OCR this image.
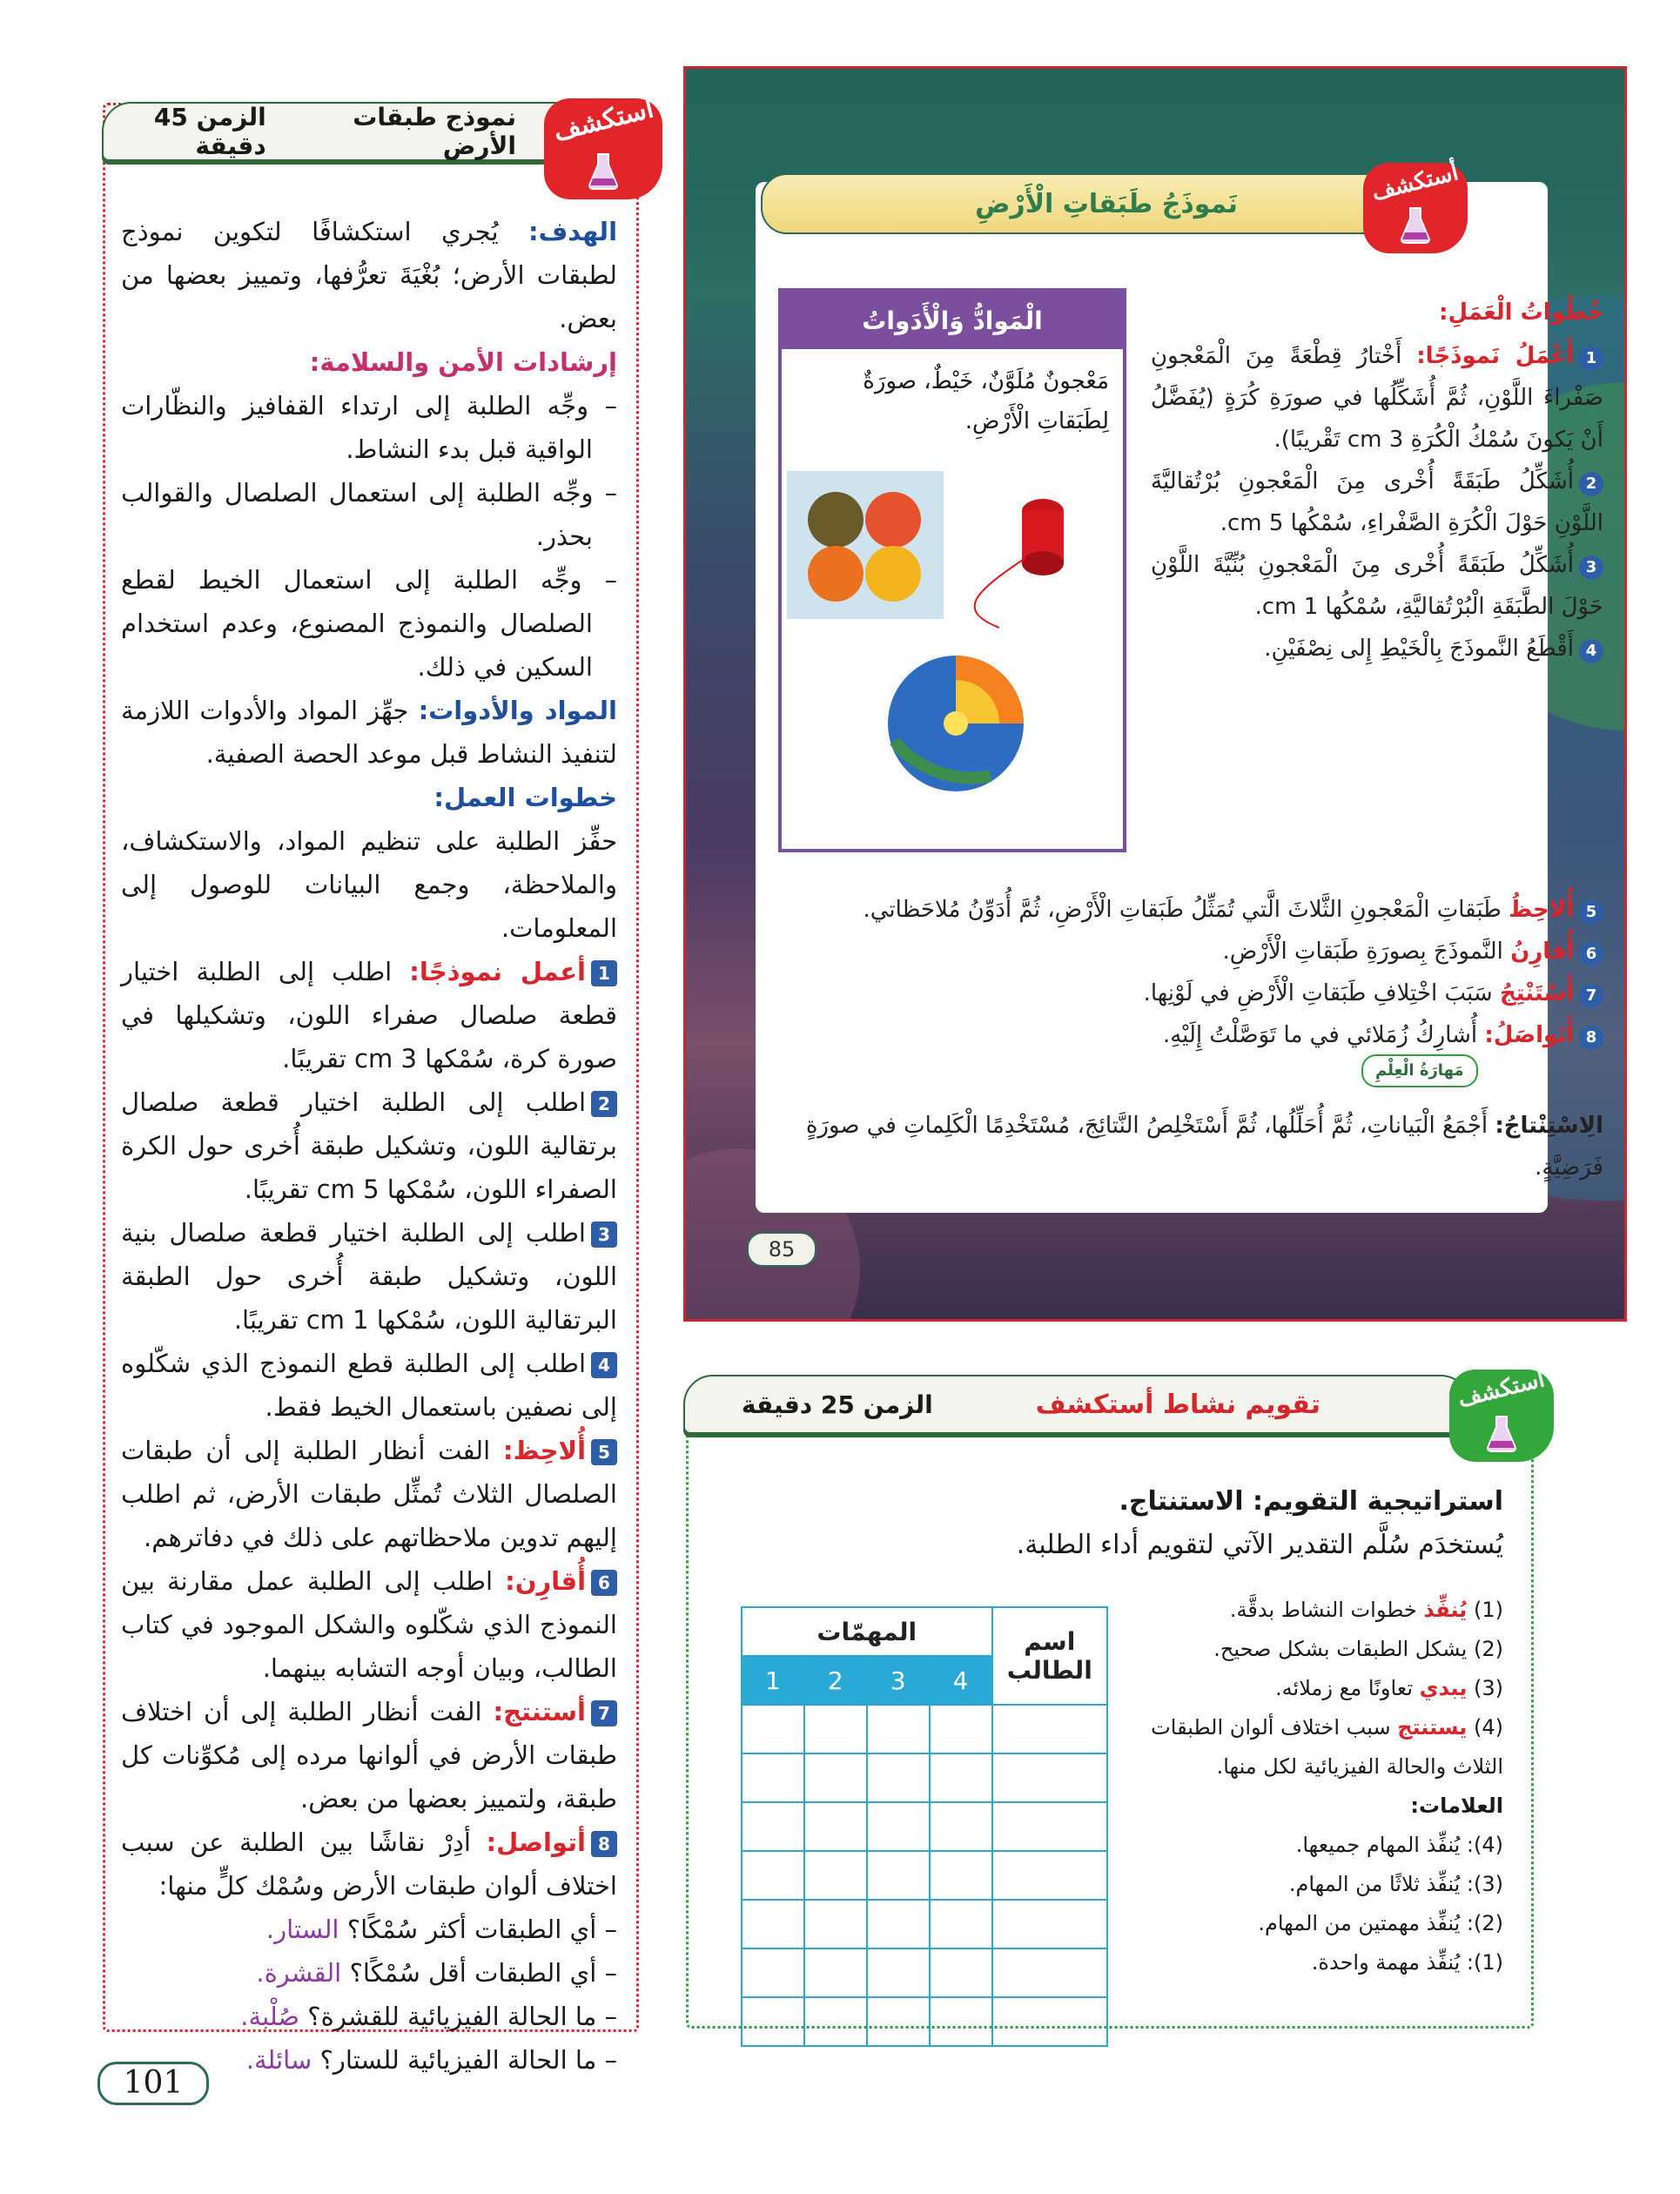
نموذج طبقات الأرض
الزمن 45 دقيقة	أستكشف

الهدف: يُجري استكشافًا لتكوين نموذج لطبقات الأرض؛ بُغْيَةَ تعرُّفها، وتمييز بعضها من بعض.

إرشادات الأمن والسلامة:

– وجِّه الطلبة إلى ارتداء القفافيز والنظّارات الواقية قبل بدء النشاط.

– وجِّه الطلبة إلى استعمال الصلصال والقوالب بحذر.

– وجِّه الطلبة إلى استعمال الخيط لقطع الصلصال والنموذج المصنوع، وعدم استخدام السكين في ذلك.

المواد والأدوات: جهِّز المواد والأدوات اللازمة لتنفيذ النشاط قبل موعد الحصة الصفية.

خطوات العمل:

حفِّز الطلبة على تنظيم المواد، والاستكشاف، والملاحظة، وجمع البيانات للوصول إلى المعلومات.

1أعمل نموذجًا: اطلب إلى الطلبة اختيار قطعة صلصال صفراء اللون، وتشكيلها في صورة كرة، سُمْكها 3 cm تقريبًا.

2اطلب إلى الطلبة اختيار قطعة صلصال برتقالية اللون، وتشكيل طبقة أُخرى حول الكرة الصفراء اللون، سُمْكها 5 cm تقريبًا.

3اطلب إلى الطلبة اختيار قطعة صلصال بنية اللون، وتشكيل طبقة أُخرى حول الطبقة البرتقالية اللون، سُمْكها 1 cm تقريبًا.

4اطلب إلى الطلبة قطع النموذج الذي شكّلوه إلى نصفين باستعمال الخيط فقط.

5أُلاحِظ: الفت أنظار الطلبة إلى أن طبقات الصلصال الثلاث تُمثِّل طبقات الأرض، ثم اطلب إليهم تدوين ملاحظاتهم على ذلك في دفاترهم.

6أُقارِن: اطلب إلى الطلبة عمل مقارنة بين النموذج الذي شكّلوه والشكل الموجود في كتاب الطالب، وبيان أوجه التشابه بينهما.

7أستنتج: الفت أنظار الطلبة إلى أن اختلاف طبقات الأرض في ألوانها مرده إلى مُكوِّنات كل طبقة، ولتمييز بعضها من بعض.

8أتواصل: أدِرْ نقاشًا بين الطلبة عن سبب اختلاف ألوان طبقات الأرض وسُمْك كلٍّ منها:

– أي الطبقات أكثر سُمْكًا؟ الستار.

– أي الطبقات أقل سُمْكًا؟ القشرة.

– ما الحالة الفيزيائية للقشرة؟ صُلْبة.

– ما الحالة الفيزيائية للستار؟ سائلة.

نَموذَجُ طَبَقاتِ الْأَرْضِ	أستكشف
الْمَوادُّ وَالْأَدَواتُ
مَعْجونٌ مُلَوَّنٌ، خَيْطٌ، صورَةٌ لِطَبَقاتِ الْأَرْضِ.
خُطُواتُ الْعَمَلِ:
1أَعْمَلُ نَموذَجًا: أَخْتارُ قِطْعَةً مِنَ الْمَعْجونِ صَفْراءَ اللَّوْنِ، ثُمَّ أُشَكِّلُها في صورَةِ كُرَةٍ (يُفَضَّلُ أَنْ يَكونَ سُمْكُ الْكُرَةِ 3 cm تَقْريبًا).
2أُشَكِّلُ طَبَقَةً أُخْرى مِنَ الْمَعْجونِ بُرْتُقاليَّةَ اللَّوْنِ حَوْلَ الْكُرَةِ الصَّفْراءِ، سُمْكُها 5 cm.
3أُشَكِّلُ طَبَقَةً أُخْرى مِنَ الْمَعْجونِ بُنِّيَّةَ اللَّوْنِ حَوْلَ الطَّبَقَةِ الْبُرْتُقاليَّةِ، سُمْكُها 1 cm.
4أَقْطَعُ النَّموذَجَ بِالْخَيْطِ إِلى نِصْفَيْنِ.
5أُلاحِظُ طَبَقاتِ الْمَعْجونِ الثَّلاثَ الَّتي تُمَثِّلُ طَبَقاتِ الْأَرْضِ، ثُمَّ أُدَوِّنُ مُلاحَظاتي.
6أُقارِنُ النَّموذَجَ بِصورَةِ طَبَقاتِ الْأَرْضِ.
7أَسْتَنْتِجُ سَبَبَ اخْتِلافِ طَبَقاتِ الْأَرْضِ في لَوْنِها.
8أَتَواصَلُ: أُشارِكُ زُمَلائي في ما تَوَصَّلْتُ إِلَيْهِ.
مَهارَةُ الْعِلْمِ
الِاسْتِنْتاجُ: أَجْمَعُ الْبَياناتِ، ثُمَّ أُحَلِّلُها، ثُمَّ أَسْتَخْلِصُ النَّتائِجَ، مُسْتَخْدِمًا الْكَلِماتِ في صورَةٍ فَرَضِيَّةٍ.
85
تقويم نشاط أستكشف
الزمن 25 دقيقة	أستكشف
استراتيجية التقويم: الاستنتاج.
يُستخدَم سُلَّم التقدير الآتي لتقويم أداء الطلبة.
(1) يُنفِّذ خطوات النشاط بدقَّة.
(2) يشكل الطبقات بشكل صحيح.
(3) يبدي تعاونًا مع زملائه.
(4) يستنتج سبب اختلاف ألوان الطبقات الثلاث والحالة الفيزيائية لكل منها.
العلامات:
(4): يُنفِّذ المهام جميعها.
(3): يُنفِّذ ثلاثًا من المهام.
(2): يُنفِّذ مهمتين من المهام.
(1): يُنفِّذ مهمة واحدة.
اسم الطالب	المهمّات			
	4	3	2	1

101
